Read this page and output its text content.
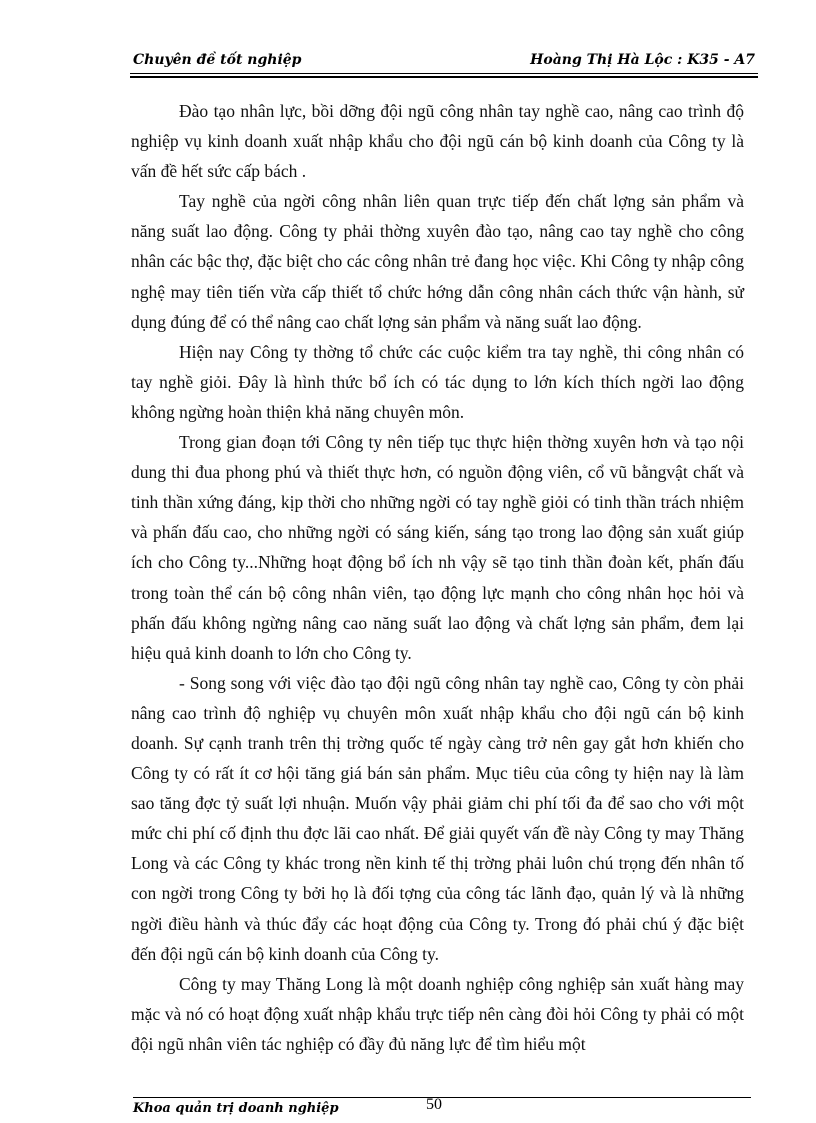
Chuyên đề tốt nghiệp	Hoàng Thị Hà Lộc : K35 - A7

Đào tạo nhân lực, bồi dỡng đội ngũ công nhân tay nghề cao, nâng cao trình độ nghiệp vụ kinh doanh xuất nhập khẩu cho đội ngũ cán bộ kinh doanh của Công ty là vấn đề hết sức cấp bách .

Tay nghề của ngời công nhân liên quan trực tiếp đến chất lợng sản phẩm và năng suất lao động. Công ty phải thờng xuyên đào tạo, nâng cao tay nghề cho công nhân các bậc thợ, đặc biệt cho các công nhân trẻ đang học việc. Khi Công ty nhập công nghệ may tiên tiến vừa cấp thiết tổ chức hớng dẫn công nhân cách thức vận hành, sử dụng đúng để có thể nâng cao chất lợng sản phẩm và năng suất lao động.

Hiện nay Công ty thờng tổ chức các cuộc kiểm tra tay nghề, thi công nhân có tay nghề giỏi. Đây là hình thức bổ ích có tác dụng to lớn kích thích ngời lao động không ngừng hoàn thiện khả năng chuyên môn.

Trong gian đoạn tới Công ty nên tiếp tục thực hiện thờng xuyên hơn và tạo nội dung thi đua phong phú và thiết thực hơn, có nguồn động viên, cổ vũ bằngvật chất và tinh thần xứng đáng, kịp thời cho những ngời có tay nghề giỏi có tinh thần trách nhiệm và phấn đấu cao, cho những ngời có sáng kiến, sáng tạo trong lao động sản xuất giúp ích cho Công ty...Những hoạt động bổ ích nh vậy sẽ tạo tinh thần đoàn kết, phấn đấu trong toàn thể cán bộ công nhân viên, tạo động lực mạnh cho công nhân học hỏi và phấn đấu không ngừng nâng cao năng suất lao động và chất lợng sản phẩm, đem lại hiệu quả kinh doanh to lớn cho Công ty.

- Song song với việc đào tạo đội ngũ công nhân tay nghề cao, Công ty còn phải nâng cao trình độ nghiệp vụ chuyên môn xuất nhập khẩu cho đội ngũ cán bộ kinh doanh. Sự cạnh tranh trên thị trờng quốc tế ngày càng trở nên gay gắt hơn khiến cho Công ty có rất ít cơ hội tăng giá bán sản phẩm. Mục tiêu của công ty hiện nay là làm sao tăng đợc tỷ suất lợi nhuận. Muốn vậy phải giảm chi phí tối đa để sao cho với một mức chi phí cố định thu đợc lãi cao nhất. Để giải quyết vấn đề này Công ty may Thăng Long và các Công ty khác trong nền kinh tế thị trờng phải luôn chú trọng đến nhân tố con ngời trong Công ty bởi họ là đối tợng của công tác lãnh đạo, quản lý và là những ngời điều hành và thúc đẩy các hoạt động của Công ty. Trong đó phải chú ý đặc biệt đến đội ngũ cán bộ kinh doanh của Công ty.

Công ty may Thăng Long là một doanh nghiệp công nghiệp sản xuất hàng may mặc và nó có hoạt động xuất nhập khẩu trực tiếp nên càng đòi hỏi Công ty phải có một đội ngũ nhân viên tác nghiệp có đầy đủ năng lực để tìm hiểu một

Khoa quản trị doanh nghiệp	50
